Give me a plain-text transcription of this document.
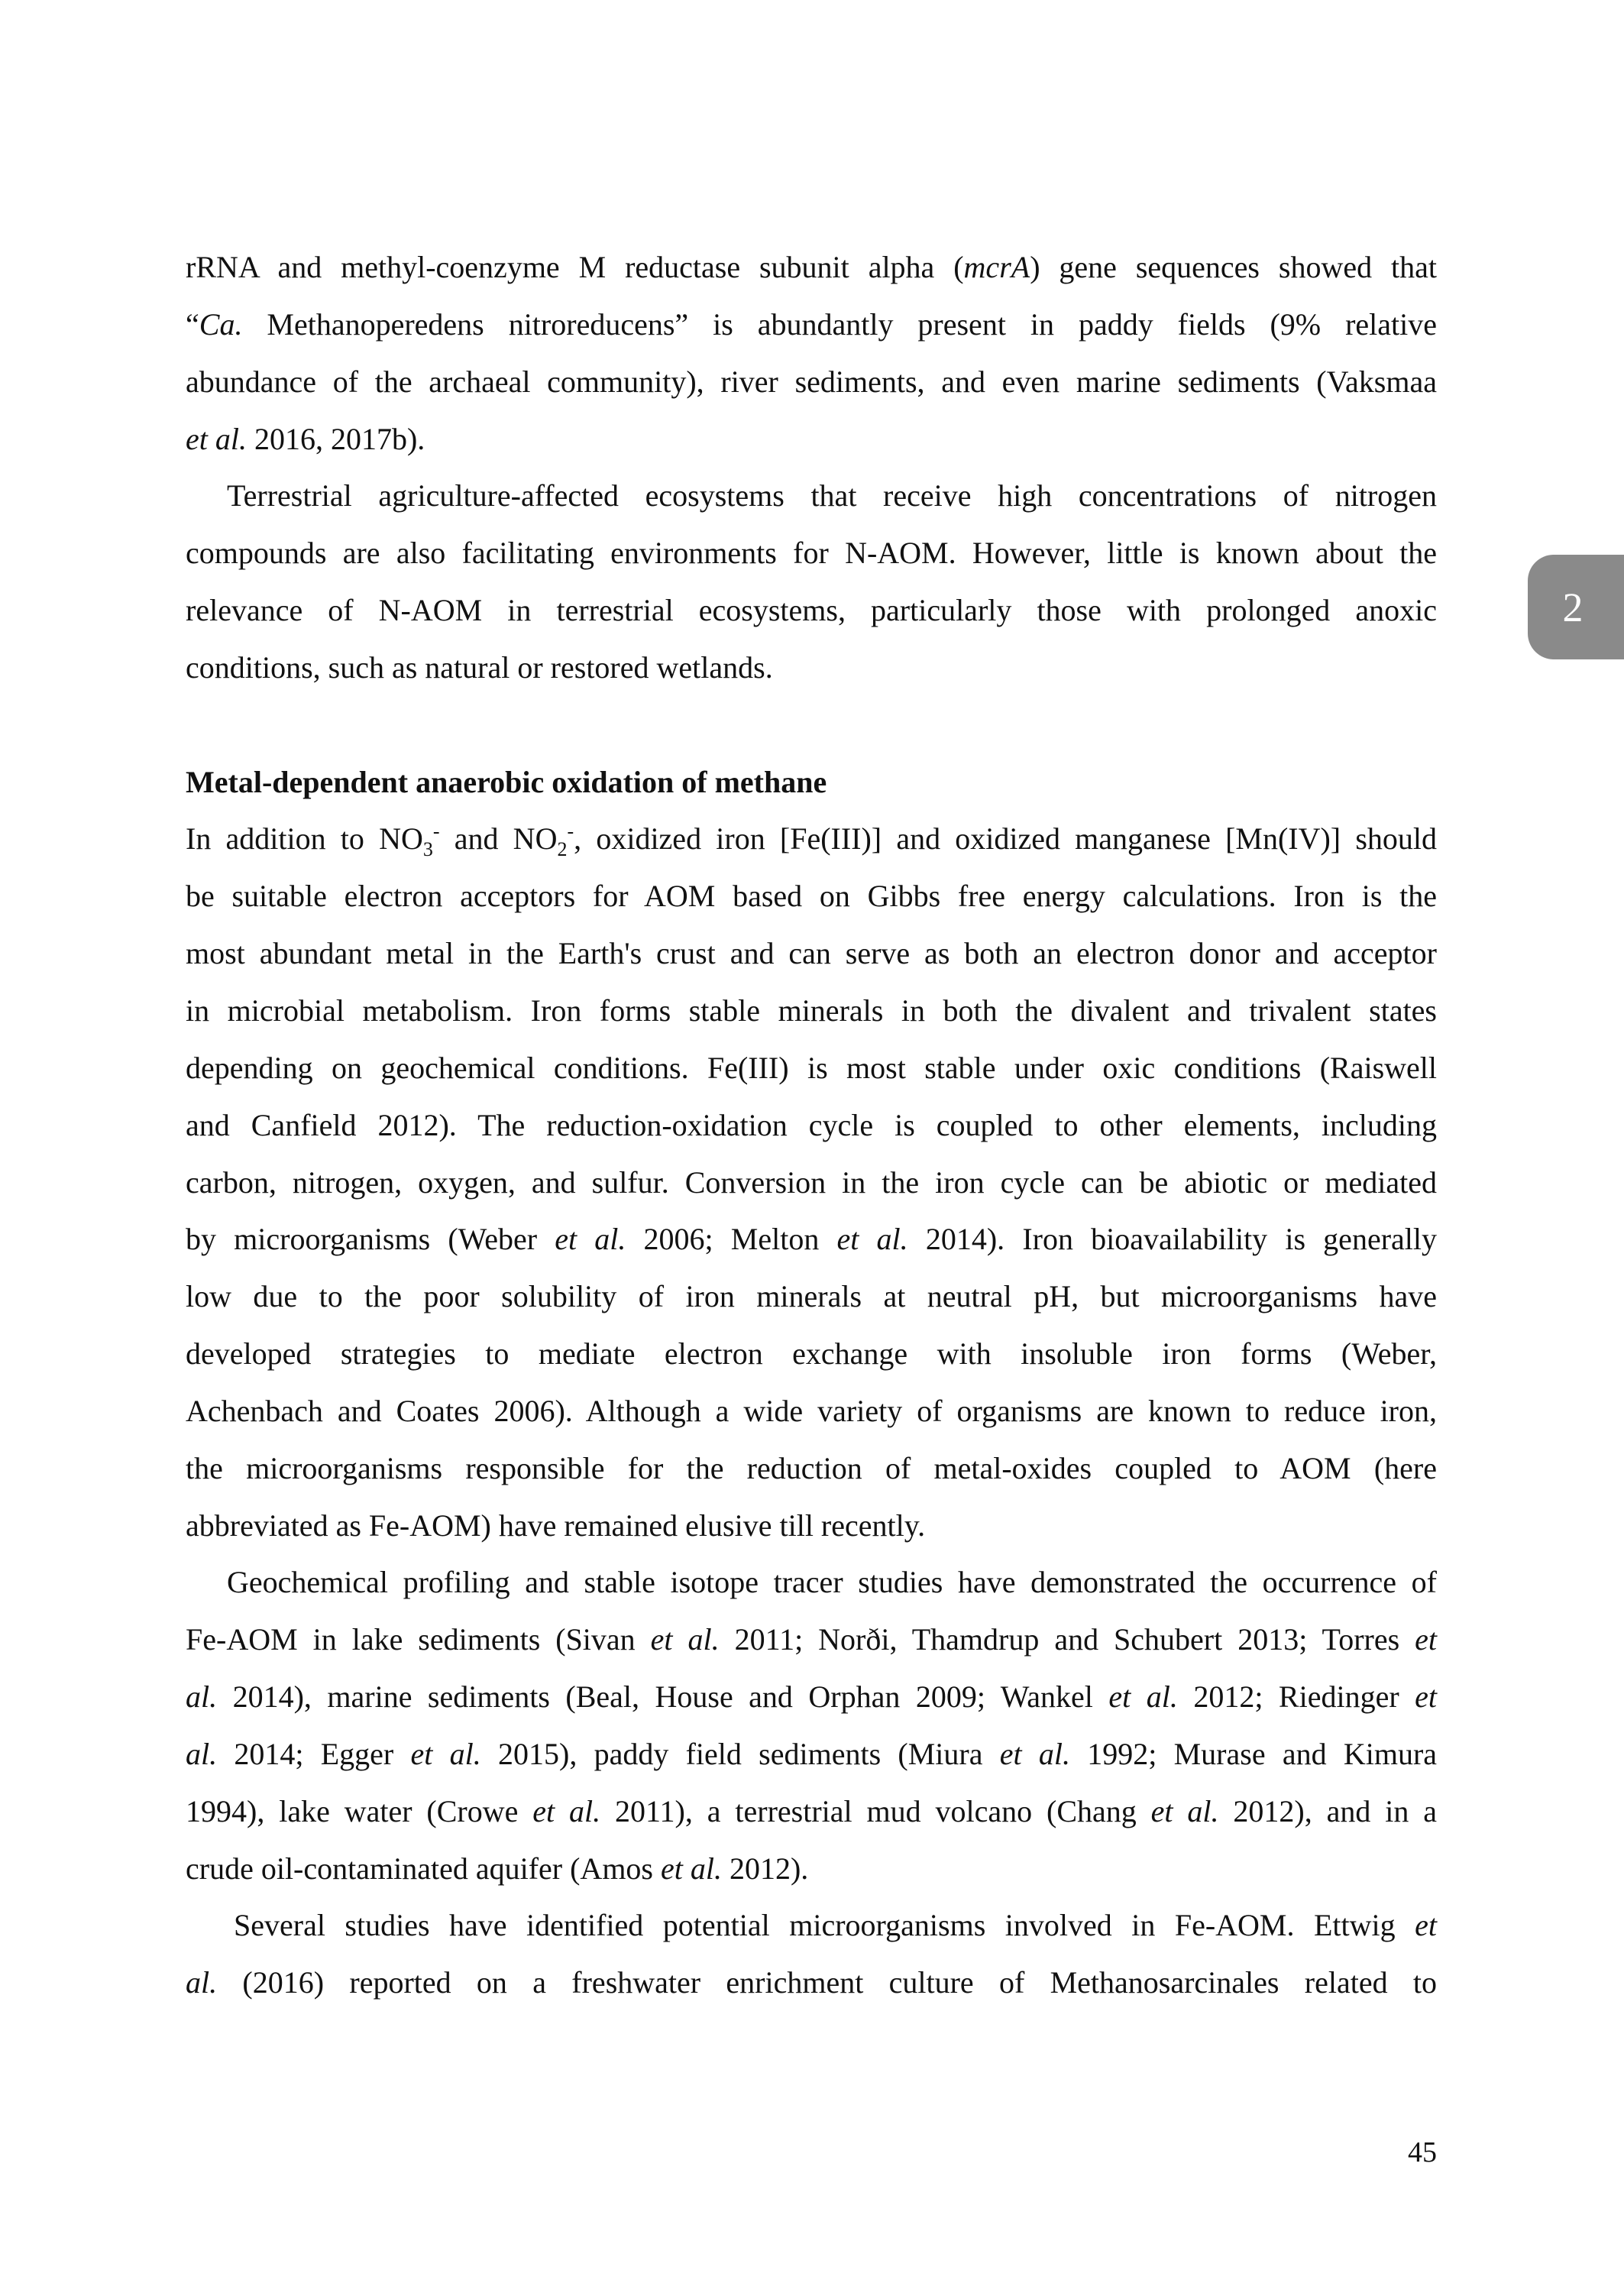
rRNA and methyl-coenzyme M reductase subunit alpha (mcrA) gene sequences showed that
“Ca. Methanoperedens nitroreducens” is abundantly present in paddy fields (9% relative
abundance of the archaeal community), river sediments, and even marine sediments (Vaksmaa
et al. 2016, 2017b).
Terrestrial agriculture-affected ecosystems that receive high concentrations of nitrogen
compounds are also facilitating environments for N-AOM. However, little is known about the
relevance of N-AOM in terrestrial ecosystems, particularly those with prolonged anoxic
conditions, such as natural or restored wetlands.
Metal-dependent anaerobic oxidation of methane
In addition to $NO_3^-$ and $NO_2^-$, oxidized iron [Fe(III)] and oxidized manganese [Mn(IV)] should
be suitable electron acceptors for AOM based on Gibbs free energy calculations. Iron is the
most abundant metal in the Earth's crust and can serve as both an electron donor and acceptor
in microbial metabolism. Iron forms stable minerals in both the divalent and trivalent states
depending on geochemical conditions. Fe(III) is most stable under oxic conditions (Raiswell
and Canfield 2012). The reduction-oxidation cycle is coupled to other elements, including
carbon, nitrogen, oxygen, and sulfur. Conversion in the iron cycle can be abiotic or mediated
by microorganisms (Weber et al. 2006; Melton et al. 2014). Iron bioavailability is generally
low due to the poor solubility of iron minerals at neutral pH, but microorganisms have
developed strategies to mediate electron exchange with insoluble iron forms (Weber,
Achenbach and Coates 2006). Although a wide variety of organisms are known to reduce iron,
the microorganisms responsible for the reduction of metal-oxides coupled to AOM (here
abbreviated as Fe-AOM) have remained elusive till recently.
Geochemical profiling and stable isotope tracer studies have demonstrated the occurrence of
Fe-AOM in lake sediments (Sivan et al. 2011; Norði, Thamdrup and Schubert 2013; Torres et
al. 2014), marine sediments (Beal, House and Orphan 2009; Wankel et al. 2012; Riedinger et
al. 2014; Egger et al. 2015), paddy field sediments (Miura et al. 1992; Murase and Kimura
1994), lake water (Crowe et al. 2011), a terrestrial mud volcano (Chang et al. 2012), and in a
crude oil-contaminated aquifer (Amos et al. 2012).
Several studies have identified potential microorganisms involved in Fe-AOM. Ettwig et
al. (2016) reported on a freshwater enrichment culture of Methanosarcinales related to
2
45
